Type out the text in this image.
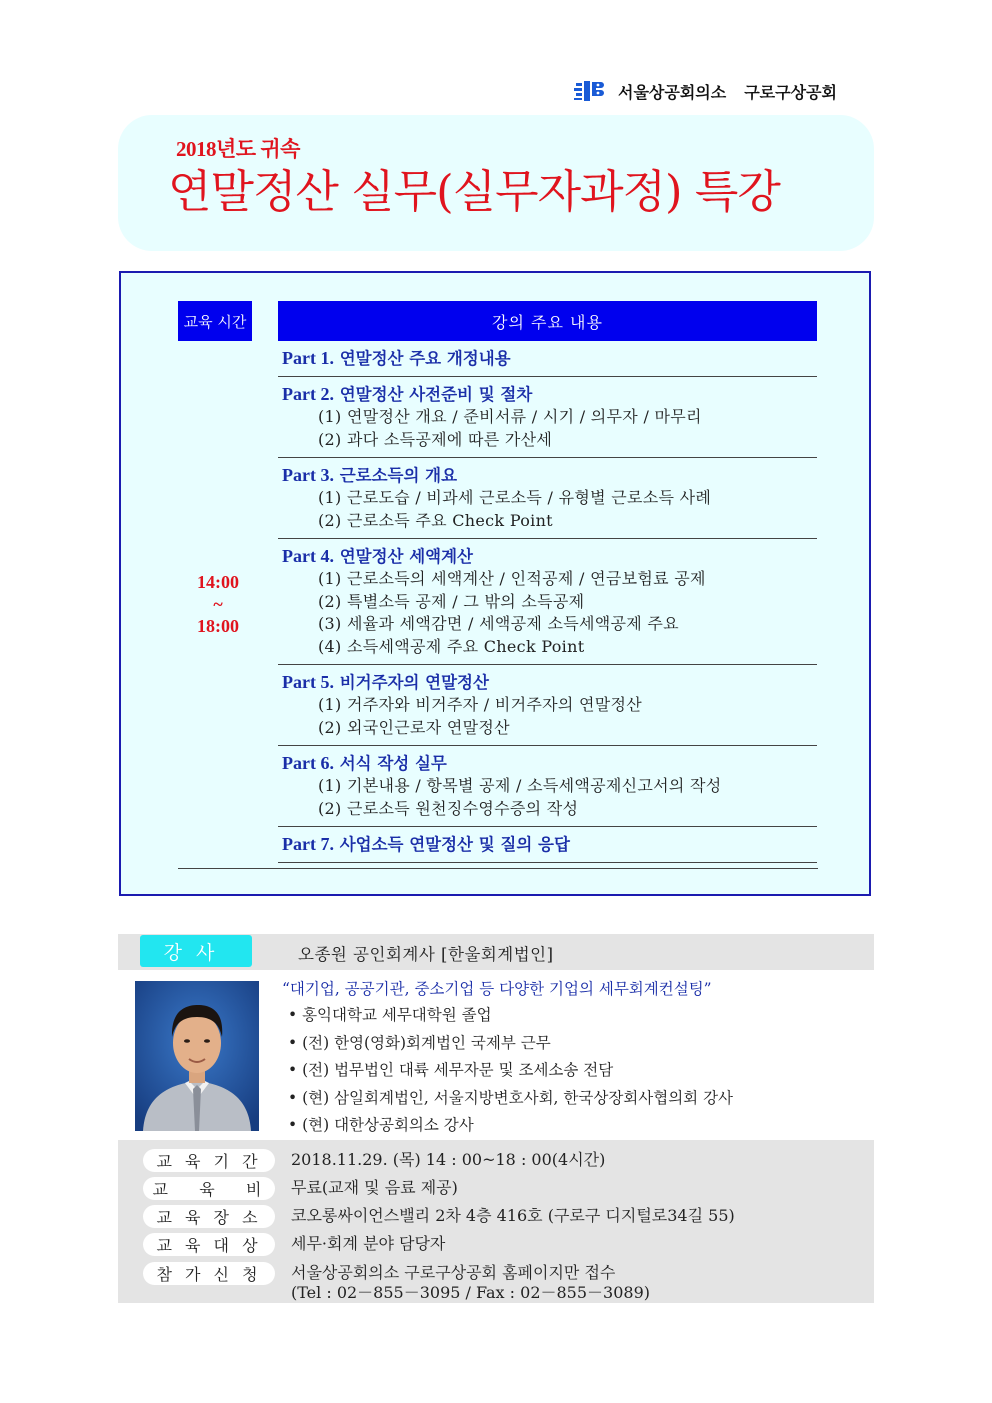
서울상공회의소 구로구상공회
2018년도 귀속
연말정산 실무(실무자과정) 특강
교육 시간	강의 주요 내용
14:00
~
18:00
Part 1. 연말정산 주요 개정내용
Part 2. 연말정산 사전준비 및 절차
(1) 연말정산 개요 / 준비서류 / 시기 / 의무자 / 마무리
(2) 과다 소득공제에 따른 가산세
Part 3. 근로소득의 개요
(1) 근로도습 / 비과세 근로소득 / 유형별 근로소득 사례
(2) 근로소득 주요 Check Point
Part 4. 연말정산 세액계산
(1) 근로소득의 세액계산 / 인적공제 / 연금보험료 공제
(2) 특별소득 공제 / 그 밖의 소득공제
(3) 세율과 세액감면 / 세액공제 소득세액공제 주요
(4) 소득세액공제 주요 Check Point
Part 5. 비거주자의 연말정산
(1) 거주자와 비거주자 / 비거주자의 연말정산
(2) 외국인근로자 연말정산
Part 6. 서식 작성 실무
(1) 기본내용 / 항목별 공제 / 소득세액공제신고서의 작성
(2) 근로소득 원천징수영수증의 작성
Part 7. 사업소득 연말정산 및 질의 응답
강사	오종원 공인회계사 [한울회계법인]
“대기업, 공공기관, 중소기업 등 다양한 기업의 세무회계컨설팅”
• 홍익대학교 세무대학원 졸업
• (전) 한영(영화)회계법인 국제부 근무
• (전) 법무법인 대륙 세무자문 및 조세소송 전담
• (현) 삼일회계법인, 서울지방변호사회, 한국상장회사협의회 강사
• (현) 대한상공회의소 강사
교 육 기 간	2018.11.29. (목) 14 : 00~18 : 00(4시간)
교   육   비	무료(교재 및 음료 제공)
교 육 장 소	코오롱싸이언스밸리 2차 4층 416호 (구로구 디지털로34길 55)
교 육 대 상	세무·회계 분야 담당자
참 가 신 청	서울상공회의소 구로구상공회 홈페이지만 접수
(Tel : 02－855－3095 / Fax : 02－855－3089)
